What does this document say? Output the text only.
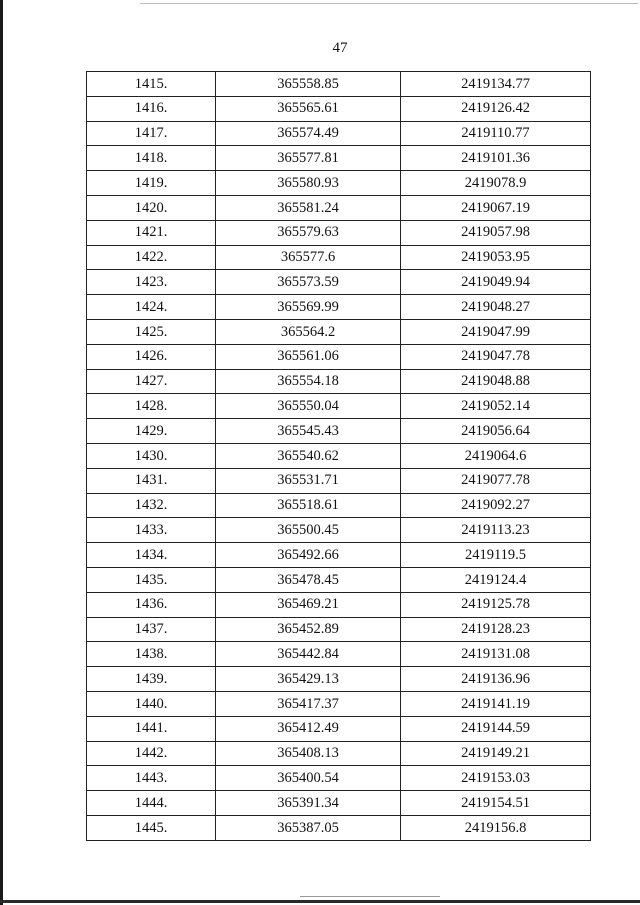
47
1415.	365558.85	2419134.77
1416.	365565.61	2419126.42
1417.	365574.49	2419110.77
1418.	365577.81	2419101.36
1419.	365580.93	2419078.9
1420.	365581.24	2419067.19
1421.	365579.63	2419057.98
1422.	365577.6	2419053.95
1423.	365573.59	2419049.94
1424.	365569.99	2419048.27
1425.	365564.2	2419047.99
1426.	365561.06	2419047.78
1427.	365554.18	2419048.88
1428.	365550.04	2419052.14
1429.	365545.43	2419056.64
1430.	365540.62	2419064.6
1431.	365531.71	2419077.78
1432.	365518.61	2419092.27
1433.	365500.45	2419113.23
1434.	365492.66	2419119.5
1435.	365478.45	2419124.4
1436.	365469.21	2419125.78
1437.	365452.89	2419128.23
1438.	365442.84	2419131.08
1439.	365429.13	2419136.96
1440.	365417.37	2419141.19
1441.	365412.49	2419144.59
1442.	365408.13	2419149.21
1443.	365400.54	2419153.03
1444.	365391.34	2419154.51
1445.	365387.05	2419156.8
